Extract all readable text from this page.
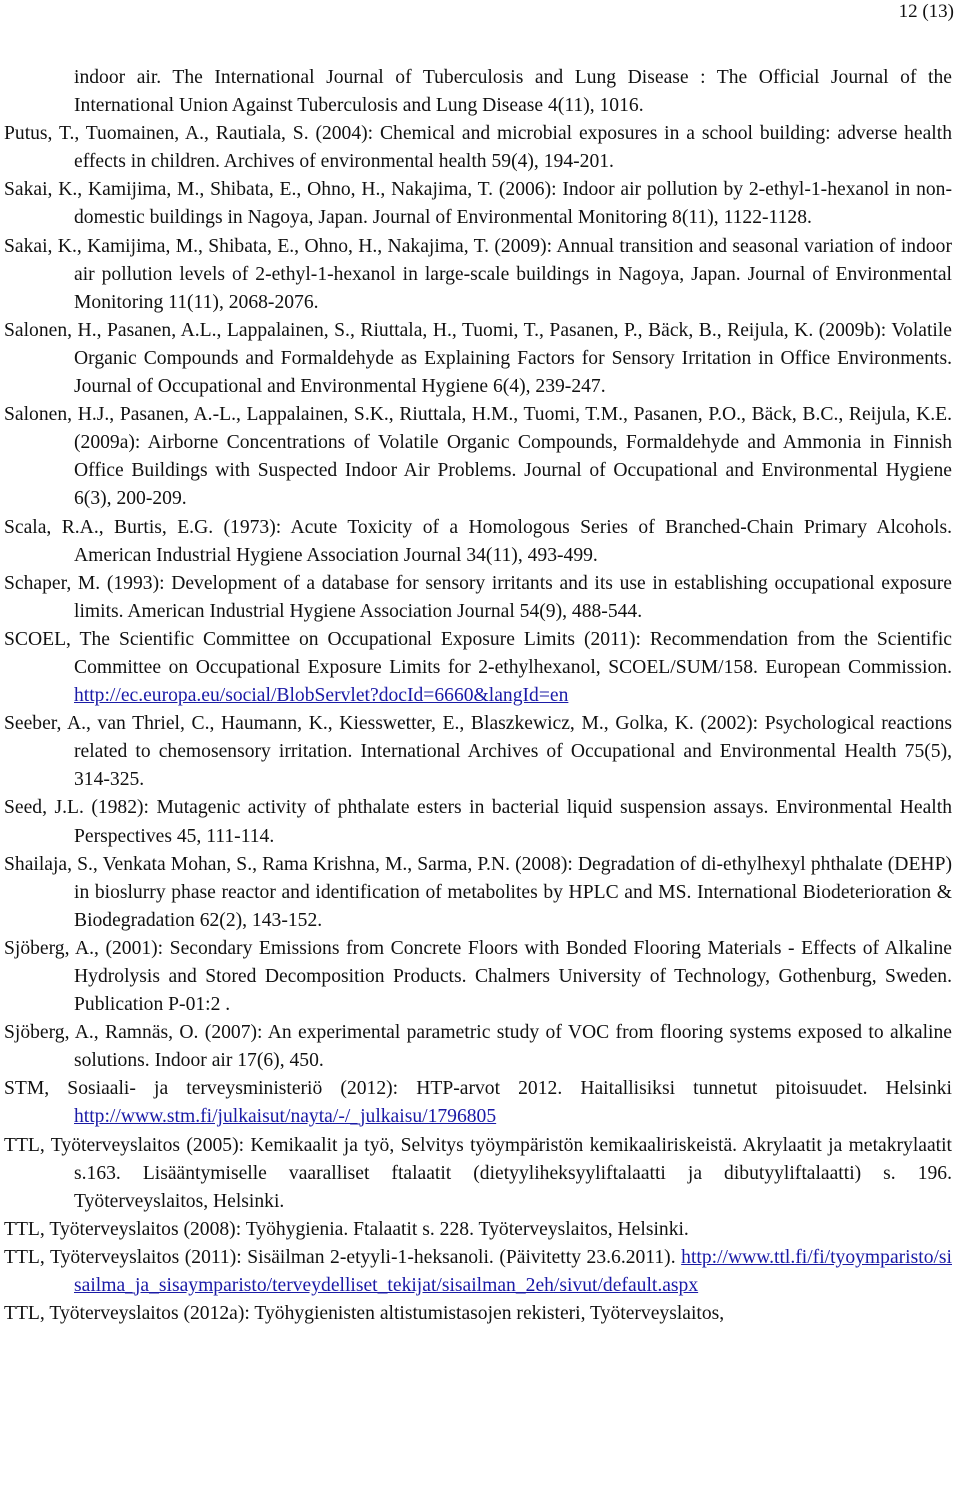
12 (13)

indoor air. The International Journal of Tuberculosis and Lung Disease : The Official Journal of the International Union Against Tuberculosis and Lung Disease 4(11), 1016.

Putus, T., Tuomainen, A., Rautiala, S. (2004): Chemical and microbial exposures in a school building: adverse health effects in children. Archives of environmental health 59(4), 194-201.

Sakai, K., Kamijima, M., Shibata, E., Ohno, H., Nakajima, T. (2006): Indoor air pollution by 2-ethyl-1-hexanol in non-domestic buildings in Nagoya, Japan. Journal of Environmental Monitoring 8(11), 1122-1128.

Sakai, K., Kamijima, M., Shibata, E., Ohno, H., Nakajima, T. (2009): Annual transition and seasonal variation of indoor air pollution levels of 2-ethyl-1-hexanol in large-scale buildings in Nagoya, Japan. Journal of Environmental Monitoring 11(11), 2068-2076.

Salonen, H., Pasanen, A.L., Lappalainen, S., Riuttala, H., Tuomi, T., Pasanen, P., Bäck, B., Reijula, K. (2009b): Volatile Organic Compounds and Formaldehyde as Explaining Factors for Sensory Irritation in Office Environments. Journal of Occupational and Environmental Hygiene 6(4), 239-247.

Salonen, H.J., Pasanen, A.-L., Lappalainen, S.K., Riuttala, H.M., Tuomi, T.M., Pasanen, P.O., Bäck, B.C., Reijula, K.E. (2009a): Airborne Concentrations of Volatile Organic Compounds, Formaldehyde and Ammonia in Finnish Office Buildings with Suspected Indoor Air Problems. Journal of Occupational and Environmental Hygiene 6(3), 200-209.

Scala, R.A., Burtis, E.G. (1973): Acute Toxicity of a Homologous Series of Branched-Chain Primary Alcohols. American Industrial Hygiene Association Journal 34(11), 493-499.

Schaper, M. (1993): Development of a database for sensory irritants and its use in establishing occupational exposure limits. American Industrial Hygiene Association Journal 54(9), 488-544.

SCOEL, The Scientific Committee on Occupational Exposure Limits (2011): Recommendation from the Scientific Committee on Occupational Exposure Limits for 2-ethylhexanol, SCOEL/SUM/158. European Commission. http://ec.europa.eu/social/BlobServlet?docId=6660&langId=en

Seeber, A., van Thriel, C., Haumann, K., Kiesswetter, E., Blaszkewicz, M., Golka, K. (2002): Psychological reactions related to chemosensory irritation. International Archives of Occupational and Environmental Health 75(5), 314-325.

Seed, J.L. (1982): Mutagenic activity of phthalate esters in bacterial liquid suspension assays. Environmental Health Perspectives 45, 111-114.

Shailaja, S., Venkata Mohan, S., Rama Krishna, M., Sarma, P.N. (2008): Degradation of di-ethylhexyl phthalate (DEHP) in bioslurry phase reactor and identification of metabolites by HPLC and MS. International Biodeterioration & Biodegradation 62(2), 143-152.

Sjöberg, A., (2001): Secondary Emissions from Concrete Floors with Bonded Flooring Materials - Effects of Alkaline Hydrolysis and Stored Decomposition Products. Chalmers University of Technology, Gothenburg, Sweden. Publication P-01:2 .

Sjöberg, A., Ramnäs, O. (2007): An experimental parametric study of VOC from flooring systems exposed to alkaline solutions. Indoor air 17(6), 450.

STM, Sosiaali- ja terveysministeriö (2012): HTP-arvot 2012. Haitallisiksi tunnetut pitoisuudet. Helsinki http://www.stm.fi/julkaisut/nayta/-/_julkaisu/1796805

TTL, Työterveyslaitos (2005): Kemikaalit ja työ, Selvitys työympäristön kemikaaliriskeistä. Akrylaatit ja metakrylaatit s.163. Lisääntymiselle vaaralliset ftalaatit (dietyyliheksyyliftalaatti ja dibutyyliftalaatti) s. 196. Työterveyslaitos, Helsinki.

TTL, Työterveyslaitos (2008): Työhygienia. Ftalaatit s. 228. Työterveyslaitos, Helsinki.

TTL, Työterveyslaitos (2011): Sisäilman 2-etyyli-1-heksanoli. (Päivitetty 23.6.2011). http://www.ttl.fi/fi/tyoymparisto/sisailma_ja_sisaymparisto/terveydelliset_tekijat/sisailman_2eh/sivut/default.aspx

TTL, Työterveyslaitos (2012a): Työhygienisten altistumistasojen rekisteri, Työterveyslaitos,
